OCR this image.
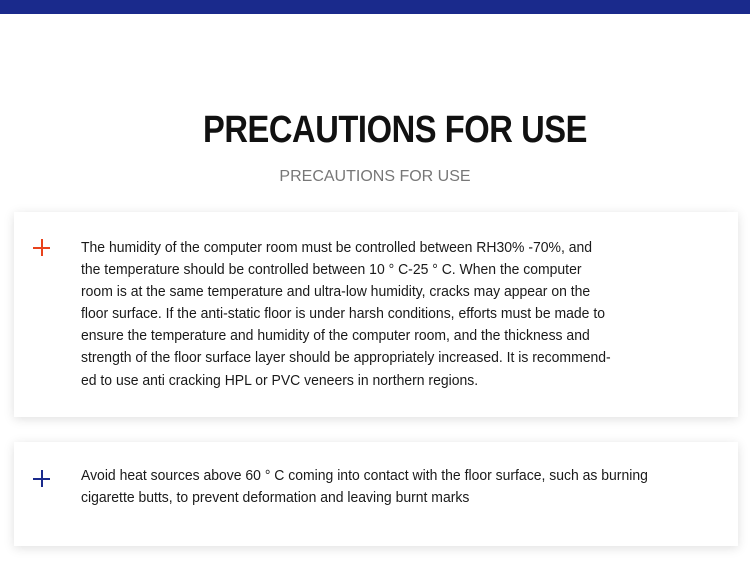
PRECAUTIONS FOR USE
PRECAUTIONS FOR USE
The humidity of the computer room must be controlled between RH30% -70%, and
the temperature should be controlled between 10 ° C-25 ° C. When the computer
room is at the same temperature and ultra-low humidity, cracks may appear on the
floor surface. If the anti-static floor is under harsh conditions, efforts must be made to
ensure the temperature and humidity of the computer room, and the thickness and
strength of the floor surface layer should be appropriately increased. It is recommend-
ed to use anti cracking HPL or PVC veneers in northern regions.
Avoid heat sources above 60 ° C coming into contact with the floor surface, such as burning
cigarette butts, to prevent deformation and leaving burnt marks
